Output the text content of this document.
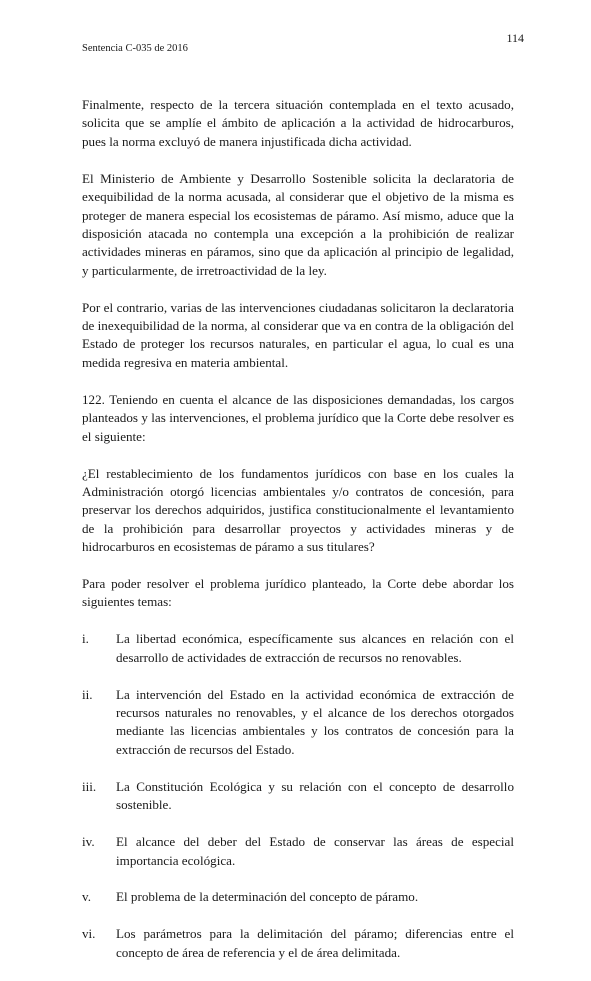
114
Sentencia C-035 de 2016

Finalmente, respecto de la tercera situación contemplada en el texto acusado, solicita que se amplíe el ámbito de aplicación a la actividad de hidrocarburos, pues la norma excluyó de manera injustificada dicha actividad.

El Ministerio de Ambiente y Desarrollo Sostenible solicita la declaratoria de exequibilidad de la norma acusada, al considerar que el objetivo de la misma es proteger de manera especial los ecosistemas de páramo. Así mismo, aduce que la disposición atacada no contempla una excepción a la prohibición de realizar actividades mineras en páramos, sino que da aplicación al principio de legalidad, y particularmente, de irretroactividad de la ley.

Por el contrario, varias de las intervenciones ciudadanas solicitaron la declaratoria de inexequibilidad de la norma, al considerar que va en contra de la obligación del Estado de proteger los recursos naturales, en particular el agua, lo cual es una medida regresiva en materia ambiental.

122. Teniendo en cuenta el alcance de las disposiciones demandadas, los cargos planteados y las intervenciones, el problema jurídico que la Corte debe resolver es el siguiente:

¿El restablecimiento de los fundamentos jurídicos con base en los cuales la Administración otorgó licencias ambientales y/o contratos de concesión, para preservar los derechos adquiridos, justifica constitucionalmente el levantamiento de la prohibición para desarrollar proyectos y actividades mineras y de hidrocarburos en ecosistemas de páramo a sus titulares?

Para poder resolver el problema jurídico planteado, la Corte debe abordar los siguientes temas:

i.	La libertad económica, específicamente sus alcances en relación con el desarrollo de actividades de extracción de recursos no renovables.
ii.	La intervención del Estado en la actividad económica de extracción de recursos naturales no renovables, y el alcance de los derechos otorgados mediante las licencias ambientales y los contratos de concesión para la extracción de recursos del Estado.
iii.	La Constitución Ecológica y su relación con el concepto de desarrollo sostenible.
iv.	El alcance del deber del Estado de conservar las áreas de especial importancia ecológica.
v.	El problema de la determinación del concepto de páramo.
vi.	Los parámetros para la delimitación del páramo; diferencias entre el concepto de área de referencia y el de área delimitada.
